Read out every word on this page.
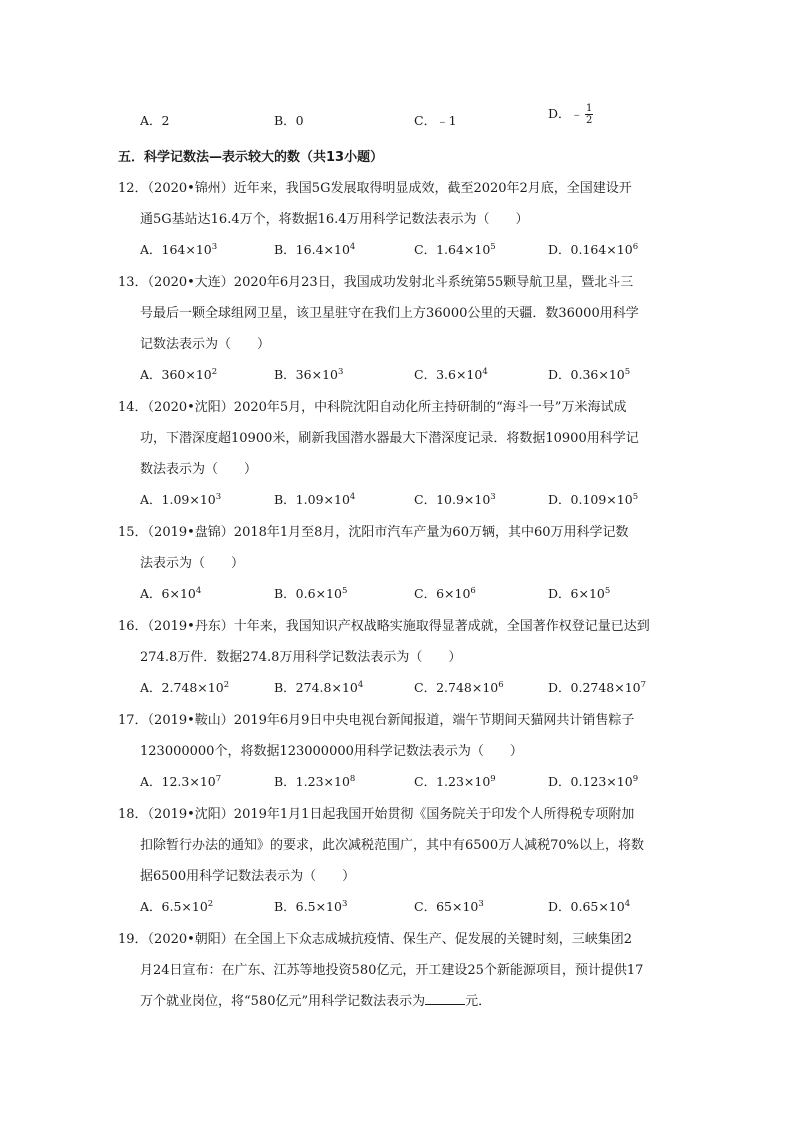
A．2	B．0	C．﹣1	D．﹣ $\frac{1}{2}$
五．科学记数法—表示较大的数（共13小题）
12．（2020•锦州）近年来，我国5G发展取得明显成效，截至2020年2月底，全国建设开
通5G基站达16.4万个，将数据16.4万用科学记数法表示为（　　）
A．$164\times 10^3$	B．$16.4\times 10^4$	C．$1.64\times 10^5$	D．$0.164\times 10^6$
13．（2020•大连）2020年6月23日，我国成功发射北斗系统第55颗导航卫星，暨北斗三
号最后一颗全球组网卫星，该卫星驻守在我们上方36000公里的天疆．数36000用科学
记数法表示为（　　）
A．$360\times 10^2$	B．$36\times 10^3$	C．$3.6\times 10^4$	D．$0.36\times 10^5$
14．（2020•沈阳）2020年5月，中科院沈阳自动化所主持研制的“海斗一号”万米海试成
功，下潜深度超10900米，刷新我国潜水器最大下潜深度记录．将数据10900用科学记
数法表示为（　　）
A．$1.09\times 10^3$	B．$1.09\times 10^4$	C．$10.9\times 10^3$	D．$0.109\times 10^5$
15．（2019•盘锦）2018年1月至8月，沈阳市汽车产量为60万辆，其中60万用科学记数
法表示为（　　）
A．$6\times 10^4$	B．$0.6\times 10^5$	C．$6\times 10^6$	D．$6\times 10^5$
16．（2019•丹东）十年来，我国知识产权战略实施取得显著成就，全国著作权登记量已达到
274.8万件．数据274.8万用科学记数法表示为（　　）
A．$2.748\times 10^2$	B．$274.8\times 10^4$	C．$2.748\times 10^6$	D．$0.2748\times 10^7$
17．（2019•鞍山）2019年6月9日中央电视台新闻报道，端午节期间天猫网共计销售粽子
123000000个，将数据123000000用科学记数法表示为（　　）
A．$12.3\times 10^7$	B．$1.23\times 10^8$	C．$1.23\times 10^9$	D．$0.123\times 10^9$
18．（2019•沈阳）2019年1月1日起我国开始贯彻《国务院关于印发个人所得税专项附加
扣除暂行办法的通知》的要求，此次减税范围广，其中有6500万人减税70%以上，将数
据6500用科学记数法表示为（　　）
A．$6.5\times 10^2$	B．$6.5\times 10^3$	C．$65\times 10^3$	D．$0.65\times 10^4$
19．（2020•朝阳）在全国上下众志成城抗疫情、保生产、促发展的关键时刻，三峡集团2
月24日宣布：在广东、江苏等地投资580亿元，开工建设25个新能源项目，预计提供17
万个就业岗位，将“580亿元”用科学记数法表示为	元．
